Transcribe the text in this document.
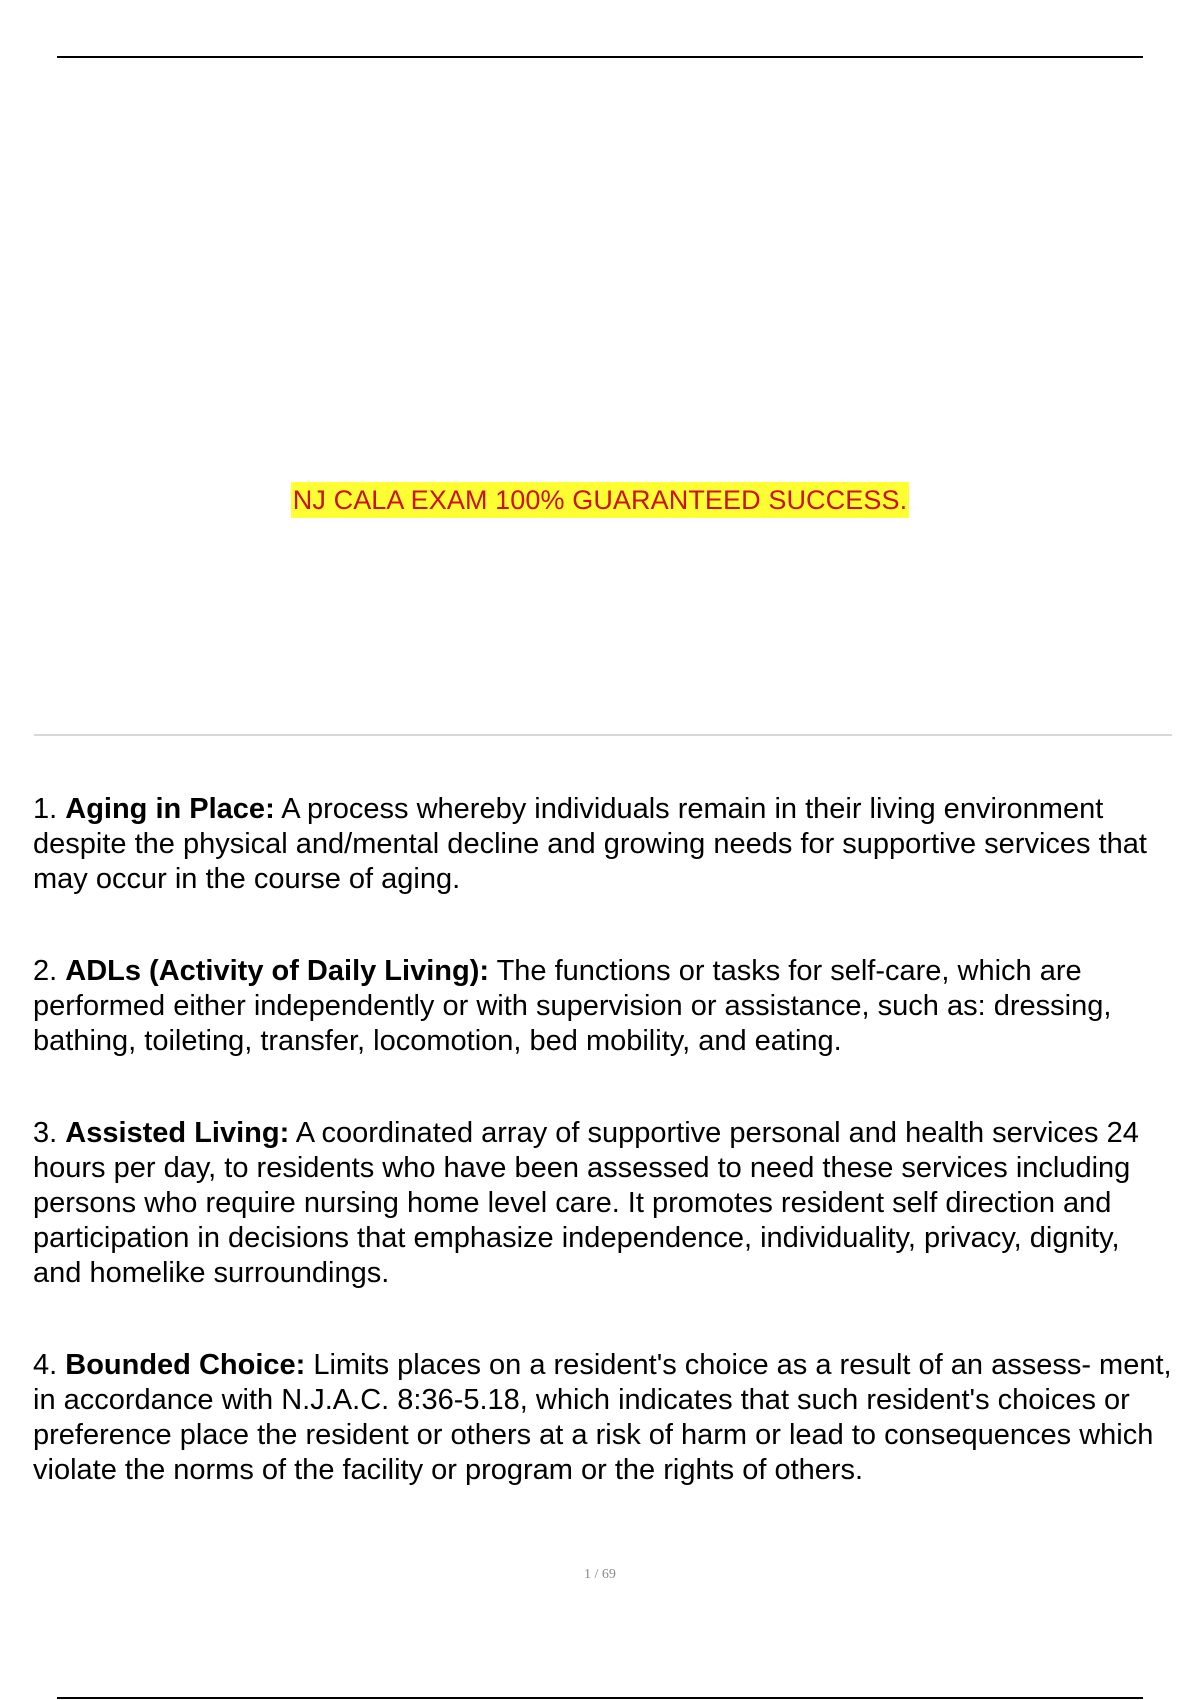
NJ CALA EXAM 100% GUARANTEED SUCCESS.

1. Aging in Place: A process whereby individuals remain in their living environment despite the physical and/mental decline and growing needs for supportive services that may occur in the course of aging.

2. ADLs (Activity of Daily Living): The functions or tasks for self-care, which are performed either independently or with supervision or assistance, such as: dressing, bathing, toileting, transfer, locomotion, bed mobility, and eating.

3. Assisted Living: A coordinated array of supportive personal and health services 24 hours per day, to residents who have been assessed to need these services including persons who require nursing home level care. It promotes resident self direction and participation in decisions that emphasize independence, individuality, privacy, dignity, and homelike surroundings.

4. Bounded Choice: Limits places on a resident's choice as a result of an assess- ment, in accordance with N.J.A.C. 8:36-5.18, which indicates that such resident's choices or preference place the resident or others at a risk of harm or lead to consequences which violate the norms of the facility or program or the rights of others.

1 / 69
